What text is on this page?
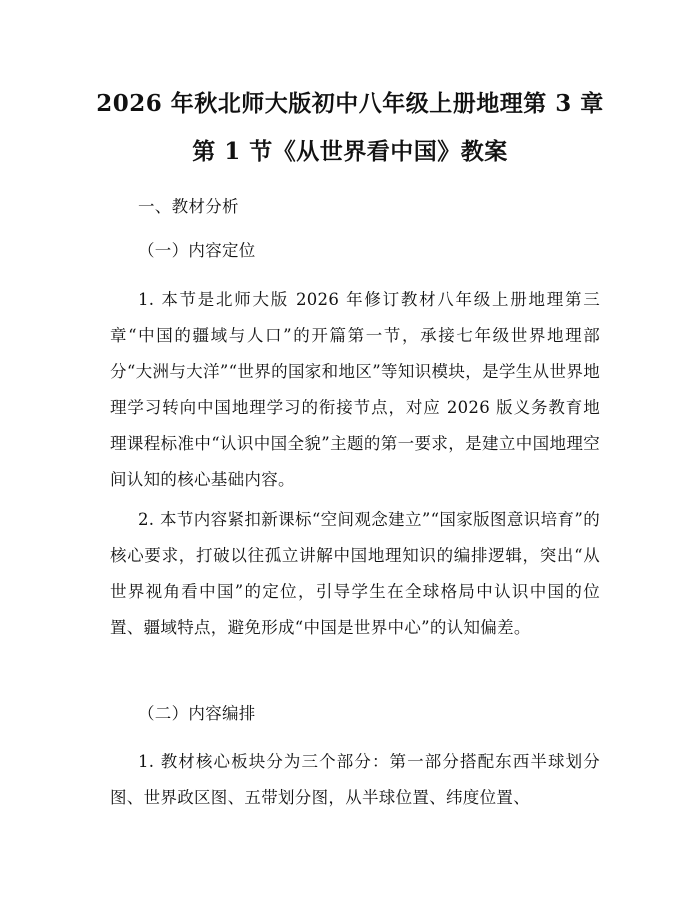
2026 年秋北师大版初中八年级上册地理第 3 章第 1 节《从世界看中国》教案
一、教材分析
（一）内容定位
1. 本节是北师大版 2026 年修订教材八年级上册地理第三章“中国的疆域与人口”的开篇第一节，承接七年级世界地理部分“大洲与大洋”“世界的国家和地区”等知识模块，是学生从世界地理学习转向中国地理学习的衔接节点，对应 2026 版义务教育地理课程标准中“认识中国全貌”主题的第一要求，是建立中国地理空间认知的核心基础内容。
2. 本节内容紧扣新课标“空间观念建立”“国家版图意识培育”的核心要求，打破以往孤立讲解中国地理知识的编排逻辑，突出“从世界视角看中国”的定位，引导学生在全球格局中认识中国的位置、疆域特点，避免形成“中国是世界中心”的认知偏差。
（二）内容编排
1. 教材核心板块分为三个部分：第一部分搭配东西半球划分图、世界政区图、五带划分图，从半球位置、纬度位置、
